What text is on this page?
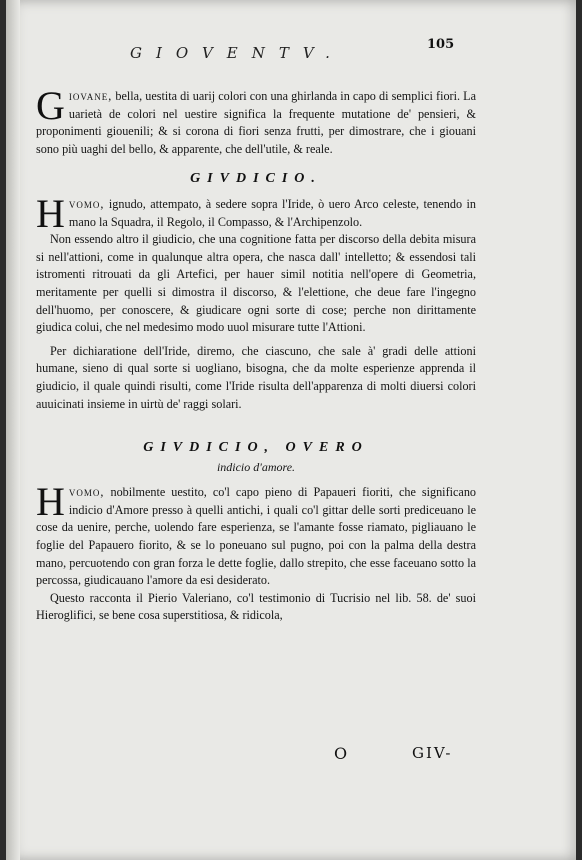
GIOVENTV.	105

G iovane, bella, uestita di uarij colori con una ghirlanda in capo di semplici fiori. La uarietà de colori nel uestire significa la frequente mutatione de' pensieri, & proponimenti giouenili; & si corona di fiori senza frutti, per dimostrare, che i giouani sono più uaghi del bello, & apparente, che dell'utile, & reale.

GIVDICIO.

H vomo, ignudo, attempato, à sedere sopra l'Iride, ò uero Arco celeste, tenendo in mano la Squadra, il Regolo, il Compasso, & l'Archipenzolo.

Non essendo altro il giudicio, che una cognitione fatta per discorso della debita misura si nell'attioni, come in qualunque altra opera, che nasca dall' intelletto; & essendosi tali istromenti ritrouati da gli Artefici, per hauer simil notitia nell'opere di Geometria, meritamente per quelli si dimostra il discorso, & l'elettione, che deue fare l'ingegno dell'huomo, per conoscere, & giudicare ogni sorte di cose; perche non dirittamente giudica colui, che nel medesimo modo uuol misurare tutte l'Attioni.

Per dichiaratione dell'Iride, diremo, che ciascuno, che sale à' gradi delle attioni humane, sieno di qual sorte si uogliano, bisogna, che da molte esperienze apprenda il giudicio, il quale quindi risulti, come l'Iride risulta dell'apparenza di molti diuersi colori auuicinati insieme in uirtù de' raggi solari.

GIVDICIO, OVERO
indicio d'amore.

H vomo, nobilmente uestito, co'l capo pieno di Papaueri fioriti, che significano indicio d'Amore presso à quelli antichi, i quali co'l gittar delle sorti prediceuano le cose da uenire, perche, uolendo fare esperienza, se l'amante fosse riamato, pigliauano le foglie del Papauero fiorito, & se lo poneuano sul pugno, poi con la palma della destra mano, percuotendo con gran forza le dette foglie, dallo strepito, che esse faceuano sotto la percossa, giudicauano l'amore da esi desiderato.

Questo racconta il Pierio Valeriano, co'l testimonio di Tucrisio nel lib. 58. de' suoi Hieroglifici, se bene cosa superstitiosa, & ridicola,

O	GIV-
